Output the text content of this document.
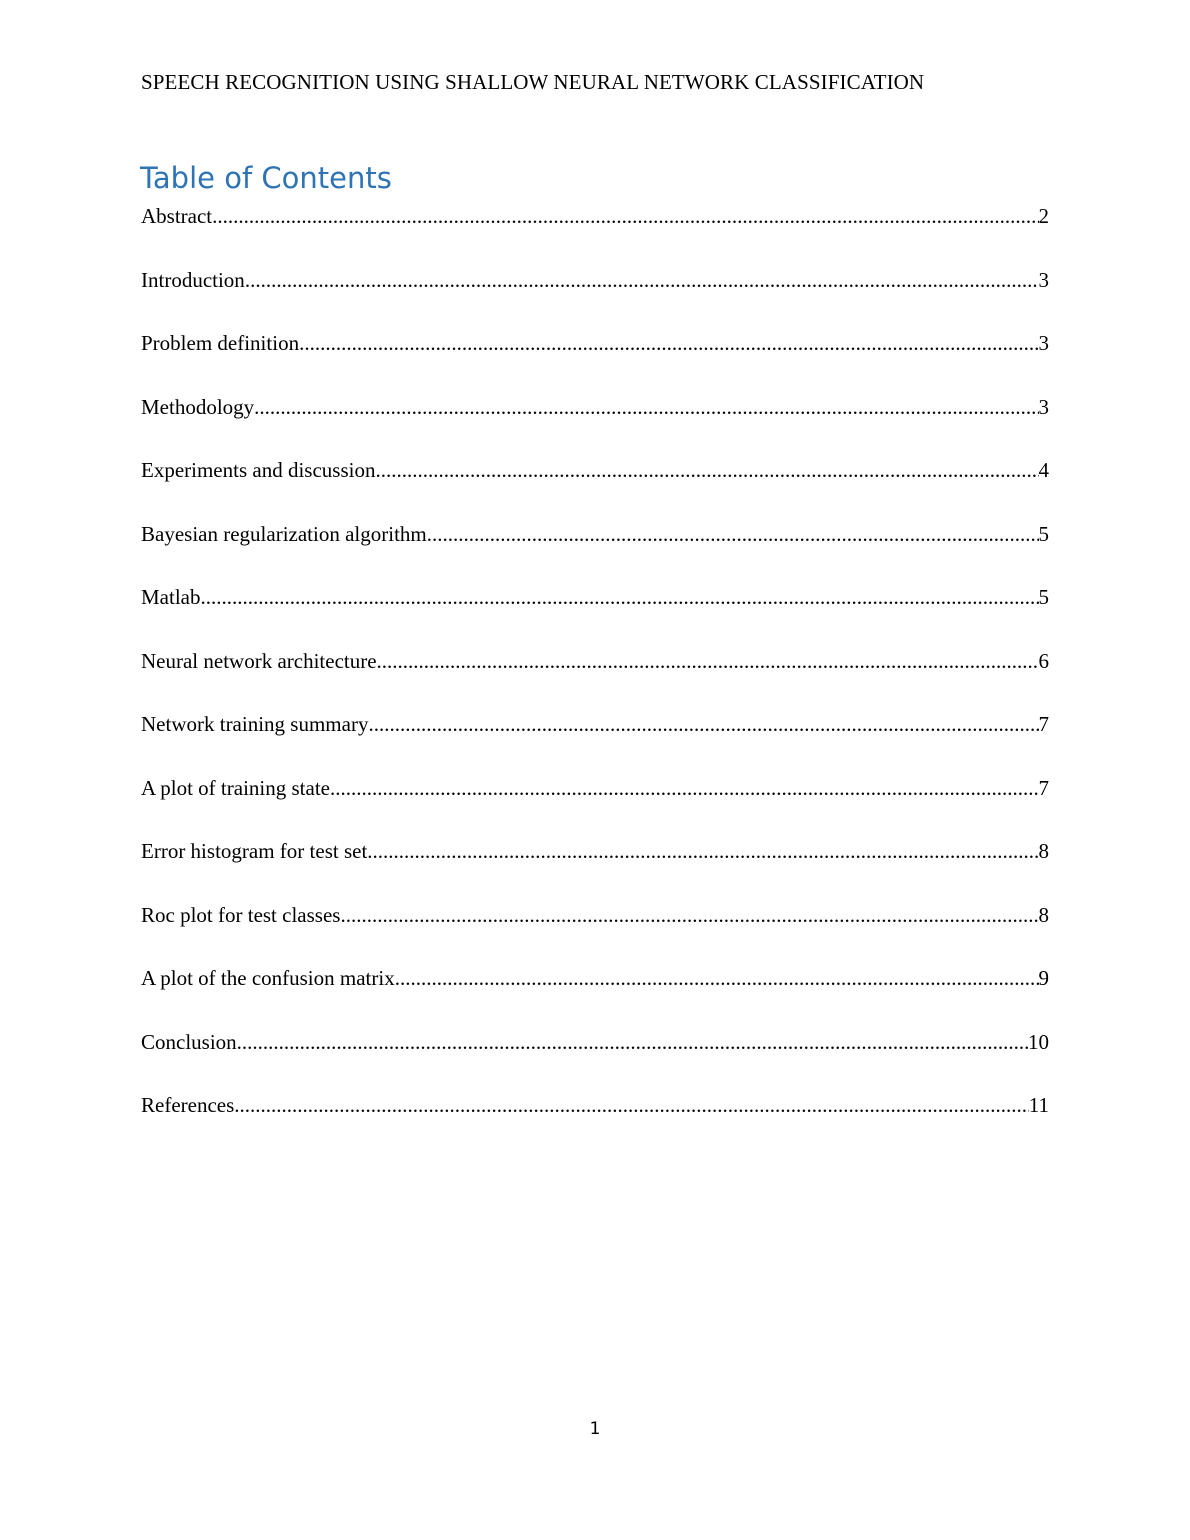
SPEECH RECOGNITION USING SHALLOW NEURAL NETWORK CLASSIFICATION
Table of Contents
Abstract .....	2
Introduction .....	3
Problem definition .....	3
Methodology .....	3
Experiments and discussion .....	4
Bayesian regularization algorithm .....	5
Matlab .....	5
Neural network architecture .....	6
Network training summary .....	7
A plot of training state .....	7
Error histogram for test set .....	8
Roc plot for test classes .....	8
A plot of the confusion matrix .....	9
Conclusion .....	10
References .....	11
1
